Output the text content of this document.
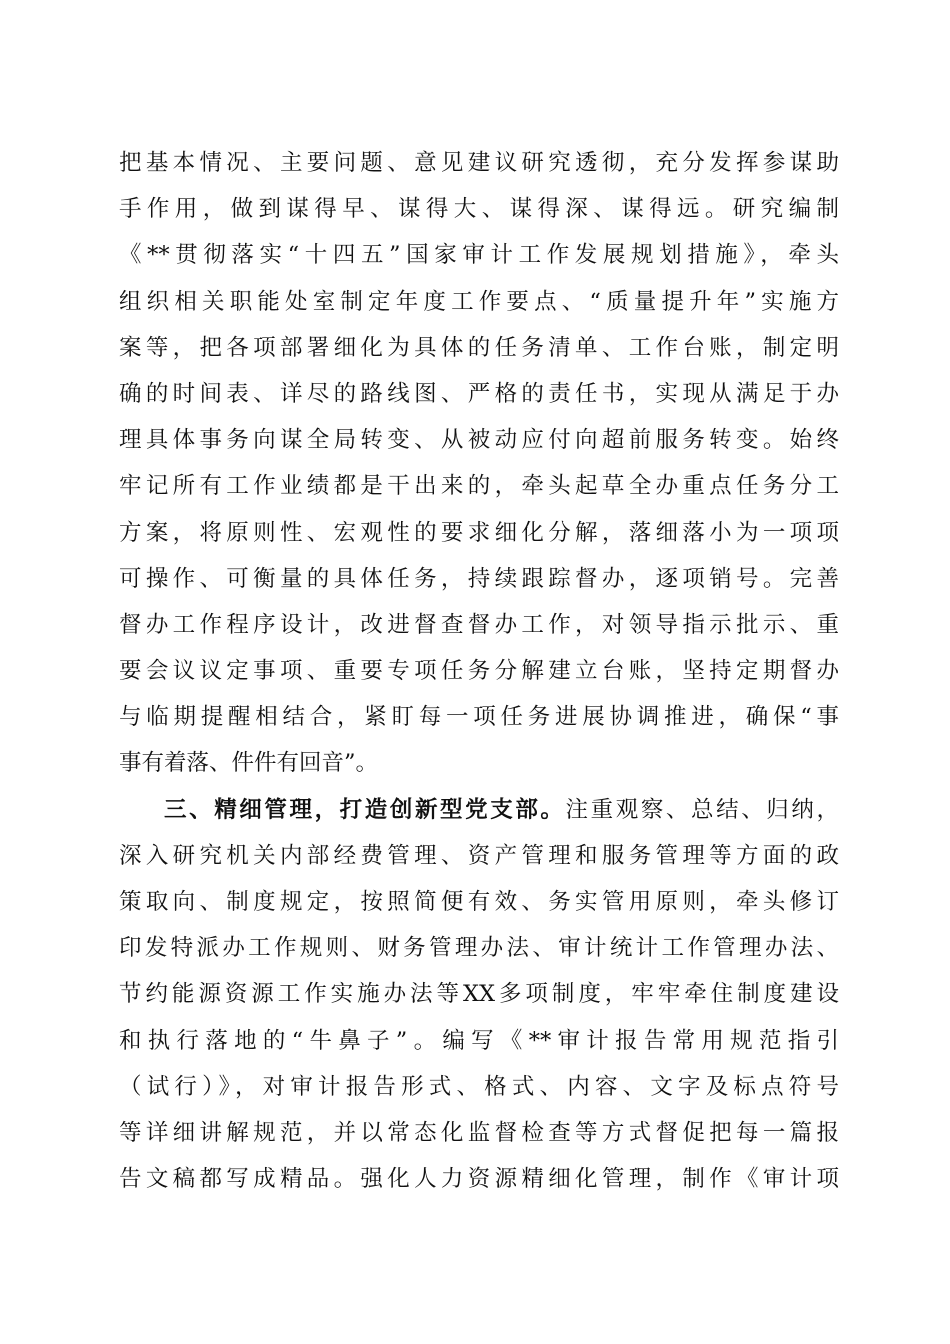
把基本情况、主要问题、意见建议研究透彻，充分发挥参谋助
手作用，做到谋得早、谋得大、谋得深、谋得远。研究编制
《**贯彻落实“十四五”国家审计工作发展规划措施》，牵头
组织相关职能处室制定年度工作要点、“质量提升年”实施方
案等，把各项部署细化为具体的任务清单、工作台账，制定明
确的时间表、详尽的路线图、严格的责任书，实现从满足于办
理具体事务向谋全局转变、从被动应付向超前服务转变。始终
牢记所有工作业绩都是干出来的，牵头起草全办重点任务分工
方案，将原则性、宏观性的要求细化分解，落细落小为一项项
可操作、可衡量的具体任务，持续跟踪督办，逐项销号。完善
督办工作程序设计，改进督查督办工作，对领导指示批示、重
要会议议定事项、重要专项任务分解建立台账，坚持定期督办
与临期提醒相结合，紧盯每一项任务进展协调推进，确保“事
事有着落、件件有回音”。
三、精细管理，打造创新型党支部。注重观察、总结、归纳，
深入研究机关内部经费管理、资产管理和服务管理等方面的政
策取向、制度规定，按照简便有效、务实管用原则，牵头修订
印发特派办工作规则、财务管理办法、审计统计工作管理办法、
节约能源资源工作实施办法等XX多项制度，牢牢牵住制度建设
和执行落地的“牛鼻子”。编写《**审计报告常用规范指引
（试行）》，对审计报告形式、格式、内容、文字及标点符号
等详细讲解规范，并以常态化监督检查等方式督促把每一篇报
告文稿都写成精品。强化人力资源精细化管理，制作《审计项
